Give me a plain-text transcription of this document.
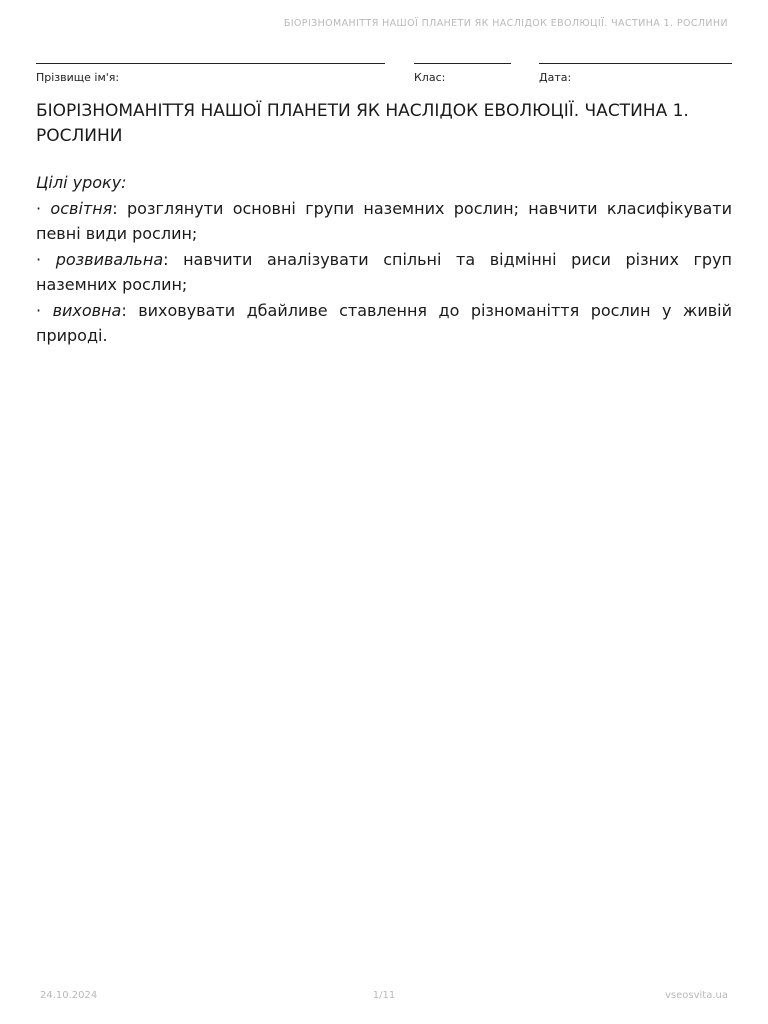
БІОРІЗНОМАНІТТЯ НАШОЇ ПЛАНЕТИ ЯК НАСЛІДОК ЕВОЛЮЦІЇ. ЧАСТИНА 1. РОСЛИНИ
Прізвище ім'я:	Клас:	Дата:
БІОРІЗНОМАНІТТЯ НАШОЇ ПЛАНЕТИ ЯК НАСЛІДОК ЕВОЛЮЦІЇ. ЧАСТИНА 1. РОСЛИНИ

Цілі уроку:

· освітня: розглянути основні групи наземних рослин; навчити класифікувати певні види рослин;

· розвивальна: навчити аналізувати спільні та відмінні риси різних груп наземних рослин;

· виховна: виховувати дбайливе ставлення до різноманіття рослин у живій природі.

1/11
24.10.2024	vseosvita.ua
